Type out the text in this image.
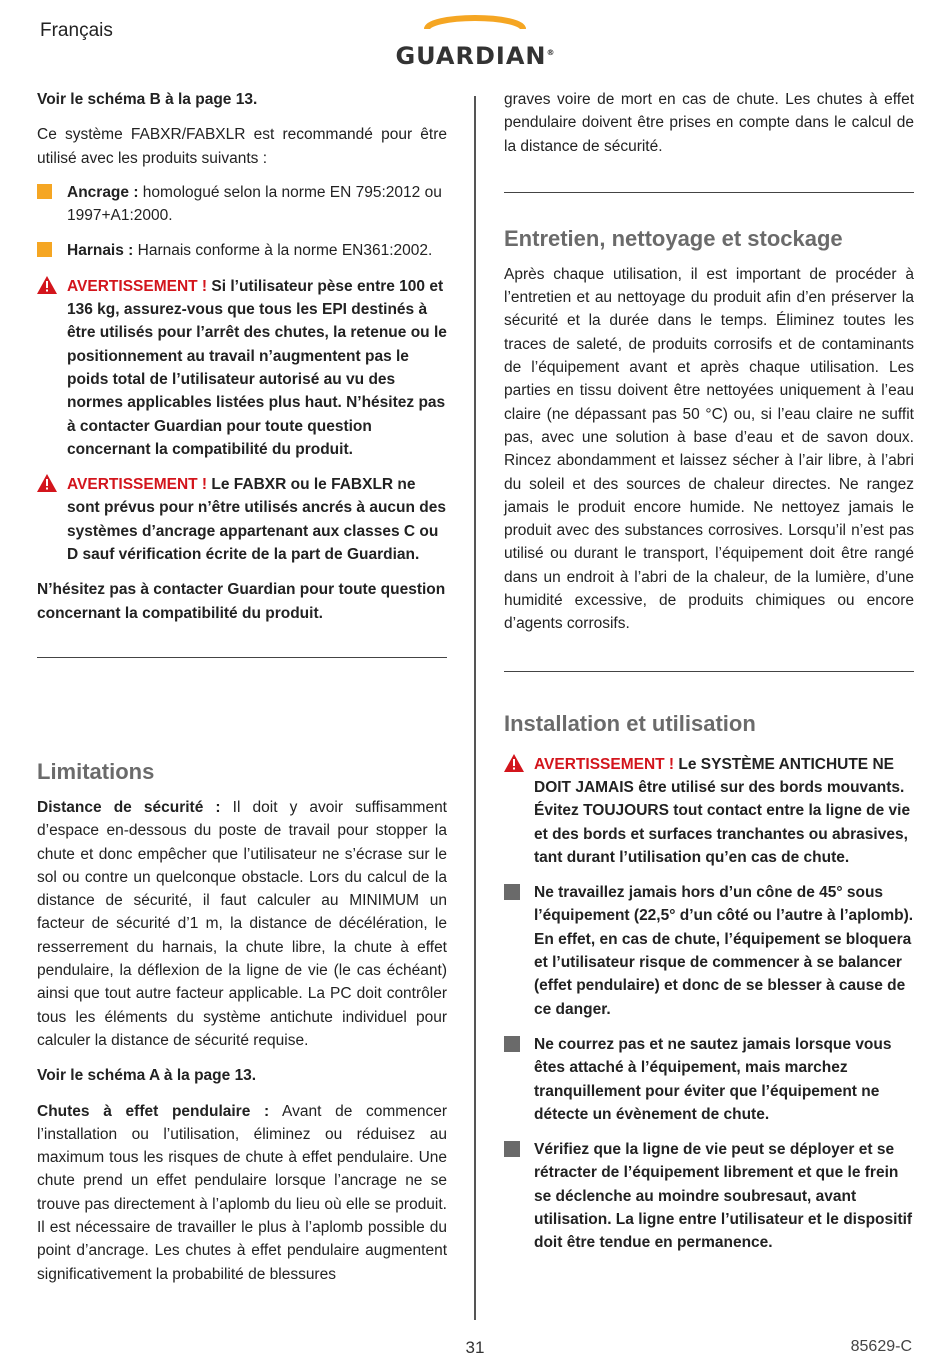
Français
GUARDIAN®

Voir le schéma B à la page 13.

Ce système FABXR/FABXLR est recommandé pour être utilisé avec les produits suivants :

Ancrage : homologué selon la norme EN 795:2012 ou 1997+A1:2000.
Harnais : Harnais conforme à la norme EN361:2002.
AVERTISSEMENT ! Si l’utilisateur pèse entre 100 et 136 kg, assurez-vous que tous les EPI destinés à être utilisés pour l’arrêt des chutes, la retenue ou le positionnement au travail n’augmentent pas le poids total de l’utilisateur autorisé au vu des normes applicables listées plus haut. N’hésitez pas à contacter Guardian pour toute question concernant la compatibilité du produit.
AVERTISSEMENT ! Le FABXR ou le FABXLR ne sont prévus pour n’être utilisés ancrés à aucun des systèmes d’ancrage appartenant aux classes C ou D sauf vérification écrite de la part de Guardian.

N’hésitez pas à contacter Guardian pour toute question concernant la compatibilité du produit.

Limitations

Distance de sécurité : Il doit y avoir suffisamment d’espace en-dessous du poste de travail pour stopper la chute et donc empêcher que l’utilisateur ne s’écrase sur le sol ou contre un quelconque obstacle. Lors du calcul de la distance de sécurité, il faut calculer au MINIMUM un facteur de sécurité d’1 m, la distance de décélération, le resserrement du harnais, la chute libre, la chute à effet pendulaire, la déflexion de la ligne de vie (le cas échéant) ainsi que tout autre facteur applicable. La PC doit contrôler tous les éléments du système antichute individuel pour calculer la distance de sécurité requise.

Voir le schéma A à la page 13.

Chutes à effet pendulaire : Avant de commencer l’installation ou l’utilisation, éliminez ou réduisez au maximum tous les risques de chute à effet pendulaire. Une chute prend un effet pendulaire lorsque l’ancrage ne se trouve pas directement à l’aplomb du lieu où elle se produit. Il est nécessaire de travailler le plus à l’aplomb possible du point d’ancrage. Les chutes à effet pendulaire augmentent significativement la probabilité de blessures

graves voire de mort en cas de chute. Les chutes à effet pendulaire doivent être prises en compte dans le calcul de la distance de sécurité.

Entretien, nettoyage et stockage

Après chaque utilisation, il est important de procéder à l’entretien et au nettoyage du produit afin d’en préserver la sécurité et la durée dans le temps. Éliminez toutes les traces de saleté, de produits corrosifs et de contaminants de l’équipement avant et après chaque utilisation. Les parties en tissu doivent être nettoyées uniquement à l’eau claire (ne dépassant pas 50 °C) ou, si l’eau claire ne suffit pas, avec une solution à base d’eau et de savon doux. Rincez abondamment et laissez sécher à l’air libre, à l’abri du soleil et des sources de chaleur directes. Ne rangez jamais le produit encore humide. Ne nettoyez jamais le produit avec des substances corrosives. Lorsqu’il n’est pas utilisé ou durant le transport, l’équipement doit être rangé dans un endroit à l’abri de la chaleur, de la lumière, d’une humidité excessive, de produits chimiques ou encore d’agents corrosifs.

Installation et utilisation
AVERTISSEMENT ! Le SYSTÈME ANTICHUTE NE DOIT JAMAIS être utilisé sur des bords mouvants. Évitez TOUJOURS tout contact entre la ligne de vie et des bords et surfaces tranchantes ou abrasives, tant durant l’utilisation qu’en cas de chute.
Ne travaillez jamais hors d’un cône de 45° sous l’équipement (22,5° d’un côté ou l’autre à l’aplomb). En effet, en cas de chute, l’équipement se bloquera et l’utilisateur risque de commencer à se balancer (effet pendulaire) et donc de se blesser à cause de ce danger.
Ne courrez pas et ne sautez jamais lorsque vous êtes attaché à l’équipement, mais marchez tranquillement pour éviter que l’équipement ne détecte un évènement de chute.
Vérifiez que la ligne de vie peut se déployer et se rétracter de l’équipement librement et que le frein se déclenche au moindre soubresaut, avant utilisation. La ligne entre l’utilisateur et le dispositif doit être tendue en permanence.
31	85629-C
